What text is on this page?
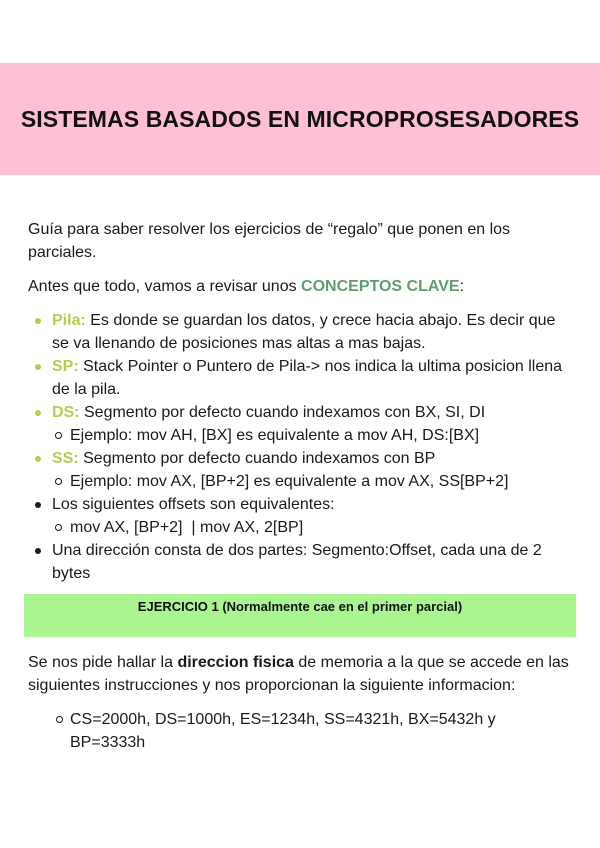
SISTEMAS BASADOS EN MICROPROSESADORES

Guía para saber resolver los ejercicios de “regalo” que ponen en los parciales.

Antes que todo, vamos a revisar unos CONCEPTOS CLAVE:

Pila: Es donde se guardan los datos, y crece hacia abajo. Es decir que se va llenando de posiciones mas altas a mas bajas.
SP: Stack Pointer o Puntero de Pila-> nos indica la ultima posicion llena de la pila.
DS: Segmento por defecto cuando indexamos con BX, SI, DI
Ejemplo: mov AH, [BX] es equivalente a mov AH, DS:[BX]
SS: Segmento por defecto cuando indexamos con BP
Ejemplo: mov AX, [BP+2] es equivalente a mov AX, SS[BP+2]
Los siguientes offsets son equivalentes:
mov AX, [BP+2]  | mov AX, 2[BP]
Una dirección consta de dos partes: Segmento:Offset, cada una de 2 bytes
EJERCICIO 1 (Normalmente cae en el primer parcial)

Se nos pide hallar la direccion fisica de memoria a la que se accede en las siguientes instrucciones y nos proporcionan la siguiente informacion:

CS=2000h, DS=1000h, ES=1234h, SS=4321h, BX=5432h y BP=3333h
